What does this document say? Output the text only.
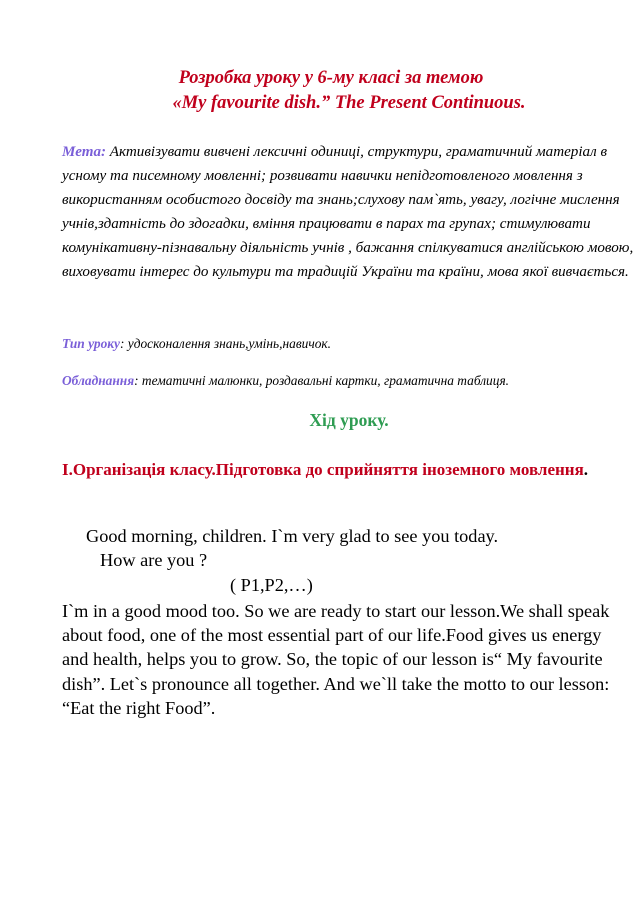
Розробка уроку у 6-му класі за темою
«My favourite dish.” The Present Continuous.
Мета: Активізувати вивчені лексичні одиниці, структури, граматичний матеріал в усному та писемному мовленні; розвивати навички непідготовленого мовлення з використанням особистого досвіду та знань;слухову пам`ять, увагу, логічне мислення учнів,здатність до здогадки, вміння працювати в парах та групах; стимулювати комунікативну-пізнавальну діяльність учнів , бажання спілкуватися англійською мовою, виховувати інтерес до культури та традицій України та країни, мова якої вивчається.
Тип уроку: удосконалення знань,умінь,навичок.
Обладнання: тематичні малюнки, роздавальні картки, граматична таблиця.
Хід уроку.
I.Організація класу.Підготовка до сприйняття іноземного мовлення.
Good morning, children. I`m very glad to see you today.
How are you ?
( P1,P2,…)
I`m in a good mood too. So we are ready to start our lesson.We shall speak about food, one of the most essential part of our life.Food gives us energy and health, helps you to grow. So, the topic of our lesson is“ My favourite dish”. Let`s pronounce all together. And we`ll take the motto to our lesson: “Eat the right Food”.
